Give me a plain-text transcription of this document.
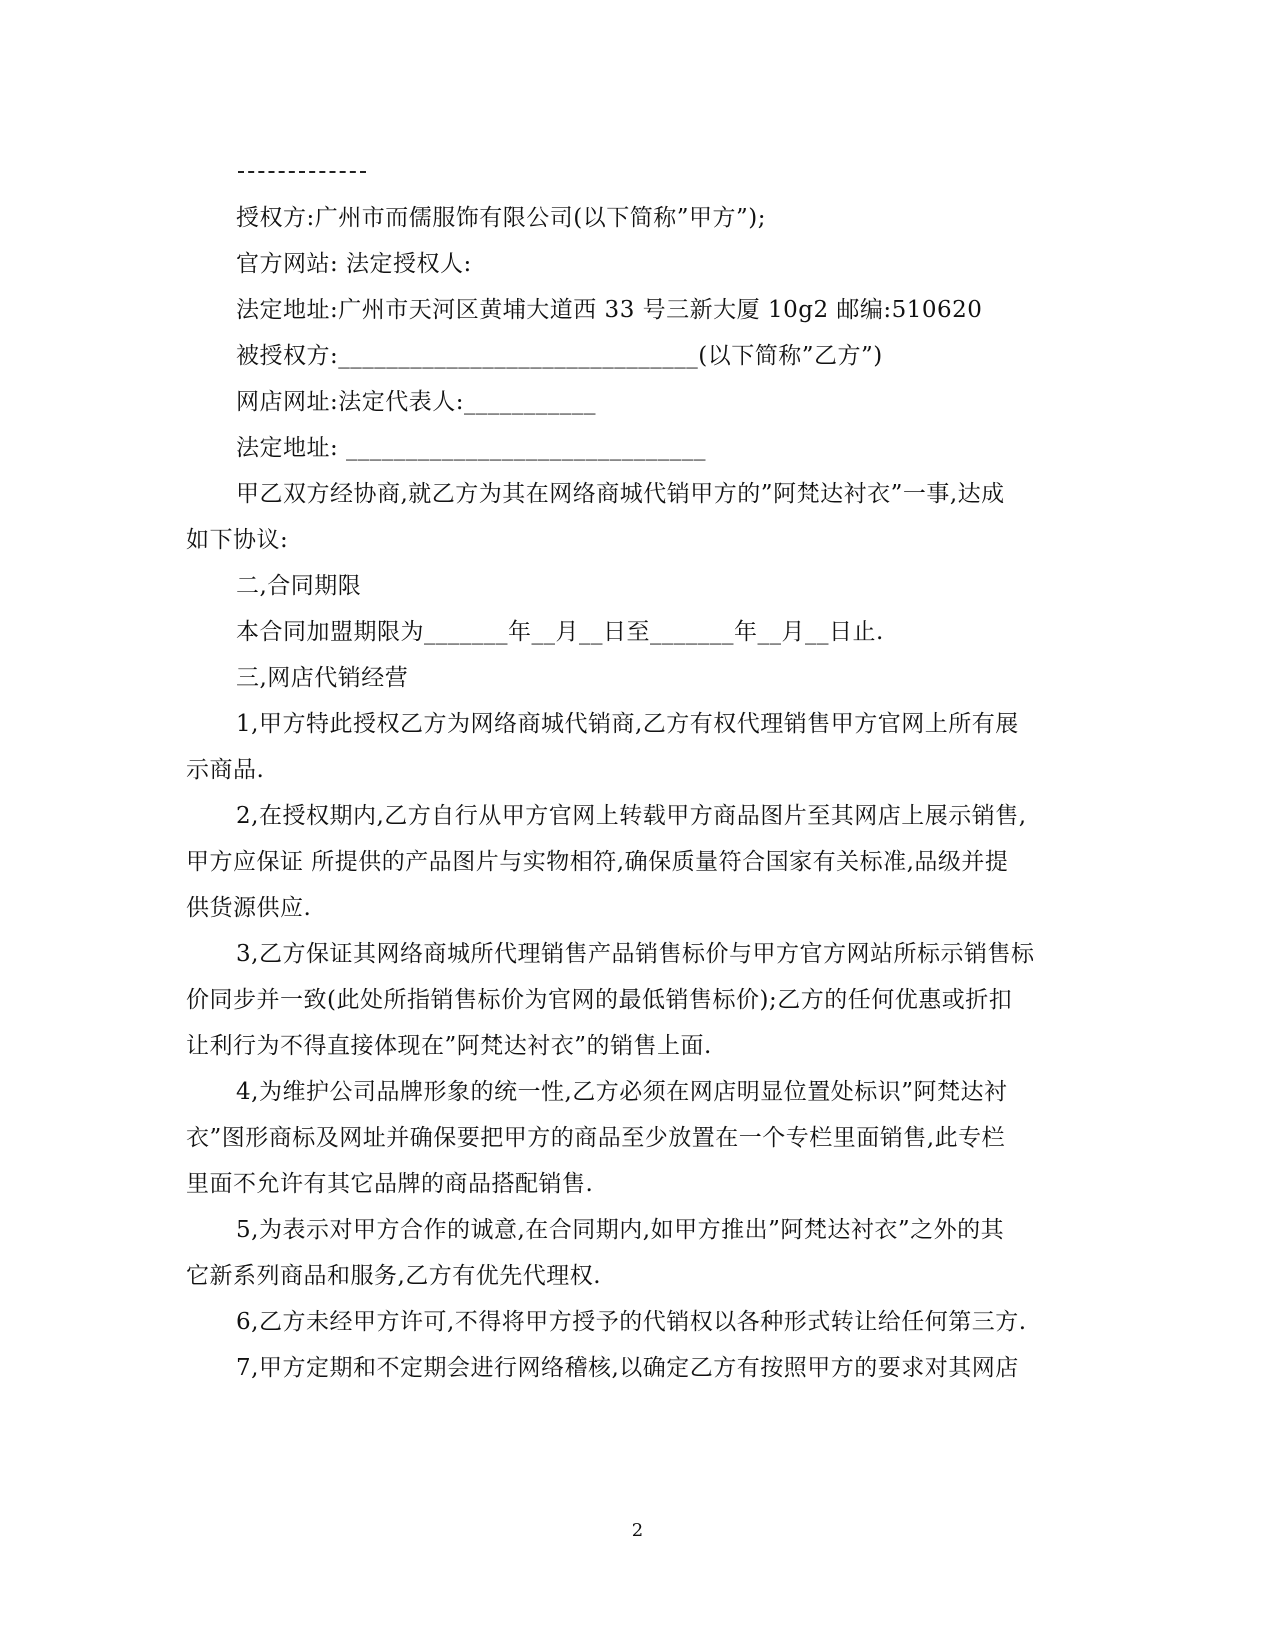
授权方:广州市而儒服饰有限公司(以下简称”甲方”);
官方网站: 法定授权人:
法定地址:广州市天河区黄埔大道西 33 号三新大厦 10g2 邮编:510620
被授权方:______________________________(以下简称”乙方”)
网店网址:法定代表人:___________
法定地址: ______________________________
甲乙双方经协商,就乙方为其在网络商城代销甲方的”阿梵达衬衣”一事,达成
如下协议:
二,合同期限
本合同加盟期限为_______年__月__日至_______年__月__日止.
三,网店代销经营
1,甲方特此授权乙方为网络商城代销商,乙方有权代理销售甲方官网上所有展
示商品.
2,在授权期内,乙方自行从甲方官网上转载甲方商品图片至其网店上展示销售,
甲方应保证 所提供的产品图片与实物相符,确保质量符合国家有关标准,品级并提
供货源供应.
3,乙方保证其网络商城所代理销售产品销售标价与甲方官方网站所标示销售标
价同步并一致(此处所指销售标价为官网的最低销售标价);乙方的任何优惠或折扣
让利行为不得直接体现在”阿梵达衬衣”的销售上面.
4,为维护公司品牌形象的统一性,乙方必须在网店明显位置处标识”阿梵达衬
衣”图形商标及网址并确保要把甲方的商品至少放置在一个专栏里面销售,此专栏
里面不允许有其它品牌的商品搭配销售.
5,为表示对甲方合作的诚意,在合同期内,如甲方推出”阿梵达衬衣”之外的其
它新系列商品和服务,乙方有优先代理权.
6,乙方未经甲方许可,不得将甲方授予的代销权以各种形式转让给任何第三方.
7,甲方定期和不定期会进行网络稽核,以确定乙方有按照甲方的要求对其网店
2
